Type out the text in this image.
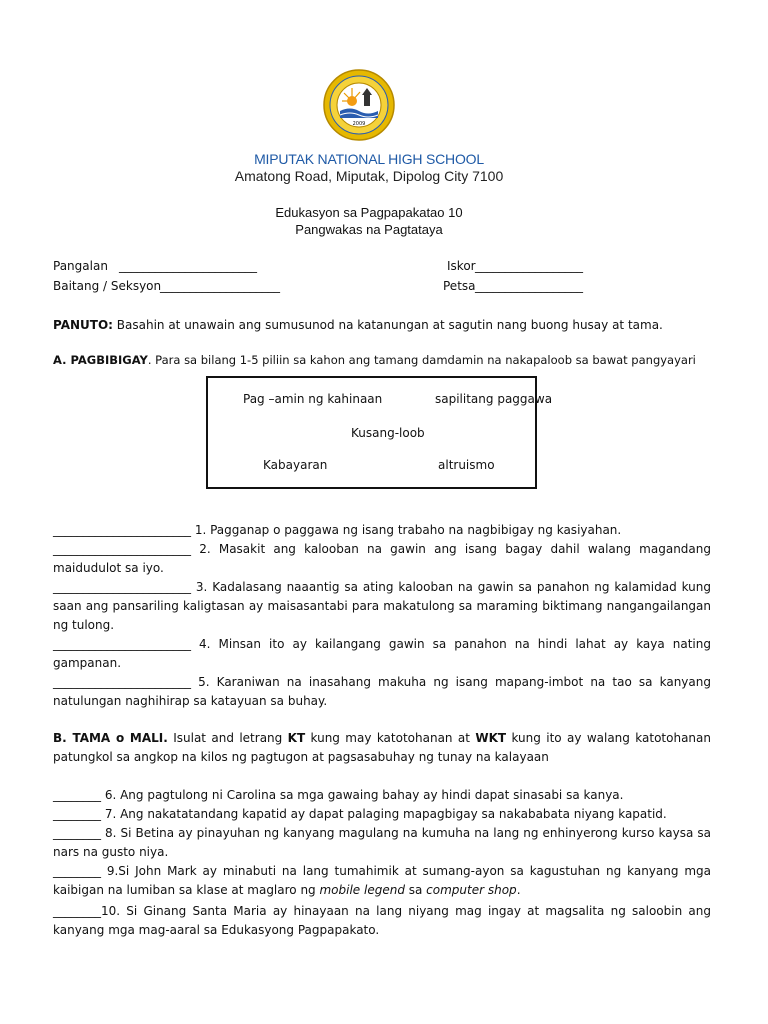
2009
MIPUTAK NATIONAL HIGH SCHOOL
Amatong Road, Miputak, Dipolog City 7100
Edukasyon sa Pagpapakatao 10
Pangwakas na Pagtataya
Pangalan _______________________
Baitang / Seksyon
____________________
Iskor __________________
Petsa __________________
PANUTO: Basahin at unawain ang sumusunod na katanungan at sagutin nang buong husay at tama.
A. PAGBIBIGAY. Para sa bilang 1-5 piliin sa kahon ang tamang damdamin na nakapaloob sa bawat pangyayari
Pag –amin ng kahinaan	sapilitang paggawa
Kusang-loob
Kabayaran	altruismo
_______________________ 1. Pagganap o paggawa ng isang trabaho na nagbibigay ng kasiyahan.
_______________________ 2. Masakit ang kalooban na gawin ang isang bagay dahil walang magandang maidudulot sa iyo.
_______________________ 3. Kadalasang naaantig sa ating kalooban na gawin sa panahon ng kalamidad kung saan ang pansariling kaligtasan ay maisasantabi para makatulong sa maraming biktimang nangangailangan ng tulong.
_______________________ 4. Minsan ito ay kailangang gawin sa panahon na hindi lahat ay kaya nating gampanan.
_______________________ 5. Karaniwan na inasahang makuha ng isang mapang-imbot na tao sa kanyang natulungan naghihirap sa katayuan sa buhay.
B. TAMA o MALI. Isulat and letrang KT kung may katotohanan at WKT kung ito ay walang katotohanan patungkol sa angkop na kilos ng pagtugon at pagsasabuhay ng tunay na kalayaan
________ 6. Ang pagtulong ni Carolina sa mga gawaing bahay ay hindi dapat sinasabi sa kanya.
________ 7. Ang nakatatandang kapatid ay dapat palaging mapagbigay sa nakababata niyang kapatid.
________ 8. Si Betina ay pinayuhan ng kanyang magulang na kumuha na lang ng enhinyerong kurso kaysa sa nars na gusto niya.
________ 9.Si John Mark ay minabuti na lang tumahimik at sumang-ayon sa kagustuhan ng kanyang mga kaibigan na lumiban sa klase at maglaro ng mobile legend sa computer shop.
________10. Si Ginang Santa Maria ay hinayaan na lang niyang mag ingay at magsalita ng saloobin ang kanyang mga mag-aaral sa Edukasyong Pagpapakato.
